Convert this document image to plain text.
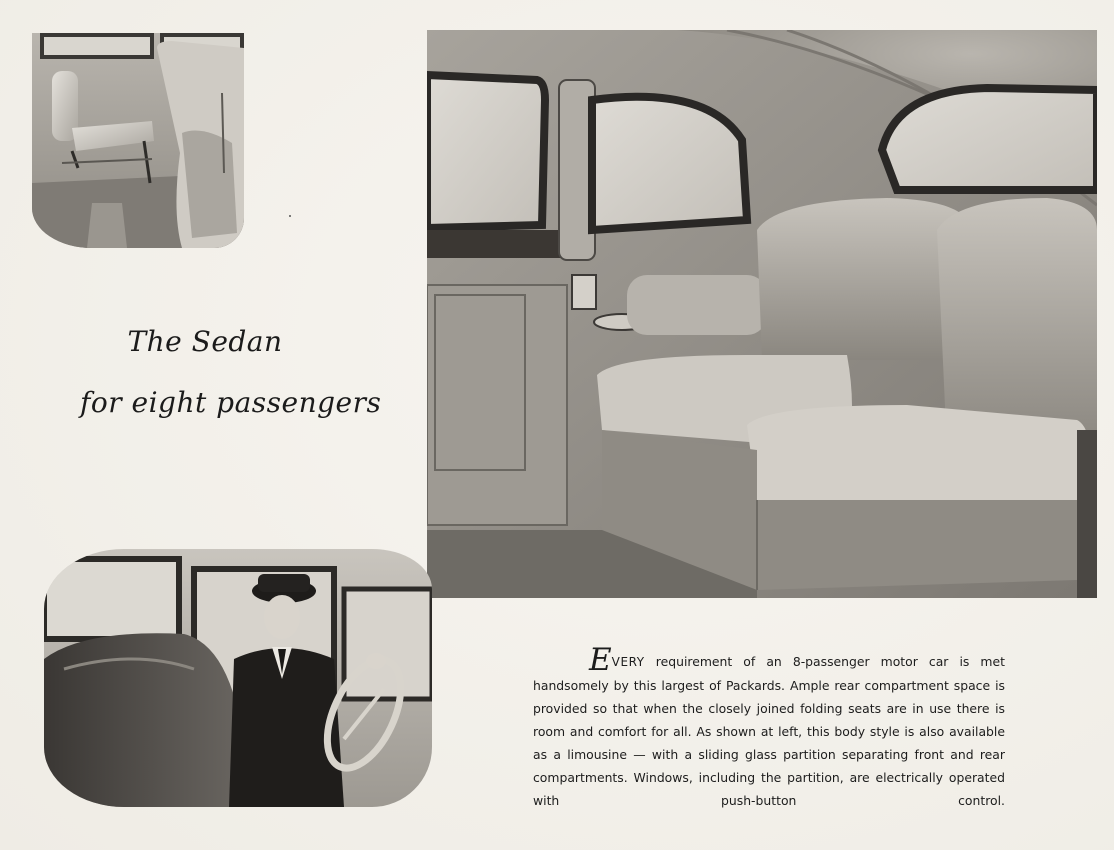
The Sedan
for eight passengers
EVERY requirement of an 8-passenger motor car is met handsomely by this largest of Packards. Ample rear compartment space is provided so that when the closely joined folding seats are in use there is room and comfort for all. As shown at left, this body style is also available as a limousine — with a sliding glass partition separating front and rear compartments. Windows, including the partition, are electrically operated with push-button control.
